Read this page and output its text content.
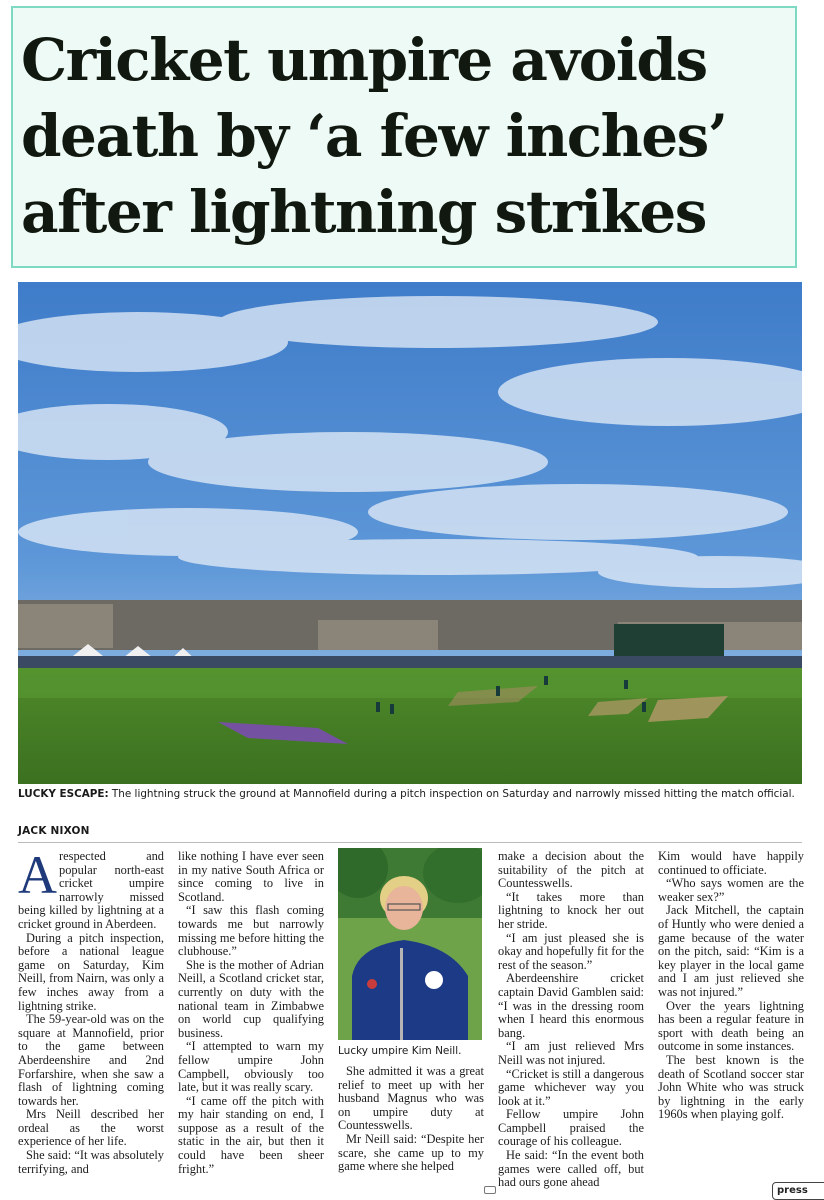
Cricket umpire avoids
death by ‘a few inches’
after lightning strikes
LUCKY ESCAPE: The lightning struck the ground at Mannofield during a pitch inspection on Saturday and narrowly missed hitting the match official.
JACK NIXON

Arespected and popular north-east cricket umpire narrowly missed being killed by lightning at a cricket ground in Aberdeen.

During a pitch inspection, before a national league game on Saturday, Kim Neill, from Nairn, was only a few inches away from a lightning strike.

The 59-year-old was on the square at Mannofield, prior to the game between Aberdeenshire and 2nd Forfarshire, when she saw a flash of lightning coming towards her.

Mrs Neill described her ordeal as the worst experience of her life.

She said: “It was absolutely terrifying, and

like nothing I have ever seen in my native South Africa or since coming to live in Scotland.

“I saw this flash coming towards me but narrowly missing me before hitting the clubhouse.”

She is the mother of Adrian Neill, a Scotland cricket star, currently on duty with the national team in Zimbabwe on world cup qualifying business.

“I attempted to warn my fellow umpire John Campbell, obviously too late, but it was really scary.

“I came off the pitch with my hair standing on end, I suppose as a result of the static in the air, but then it could have been sheer fright.”

Lucky umpire Kim Neill.

She admitted it was a great relief to meet up with her husband Magnus who was on umpire duty at Countesswells.

Mr Neill said: “Despite her scare, she came up to my game where she helped

make a decision about the suitability of the pitch at Countesswells.

“It takes more than lightning to knock her out her stride.

“I am just pleased she is okay and hopefully fit for the rest of the season.”

Aberdeenshire cricket captain David Gamblen said: “I was in the dressing room when I heard this enormous bang.

“I am just relieved Mrs Neill was not injured.

“Cricket is still a dangerous game whichever way you look at it.”

Fellow umpire John Campbell praised the courage of his colleague.

He said: “In the event both games were called off, but had ours gone ahead

Kim would have happily continued to officiate.

“Who says women are the weaker sex?”

Jack Mitchell, the captain of Huntly who were denied a game because of the water on the pitch, said: “Kim is a key player in the local game and I am just relieved she was not injured.”

Over the years lightning has been a regular feature in sport with death being an outcome in some instances.

The best known is the death of Scotland soccer star John White who was struck by lightning in the early 1960s when playing golf.

press
